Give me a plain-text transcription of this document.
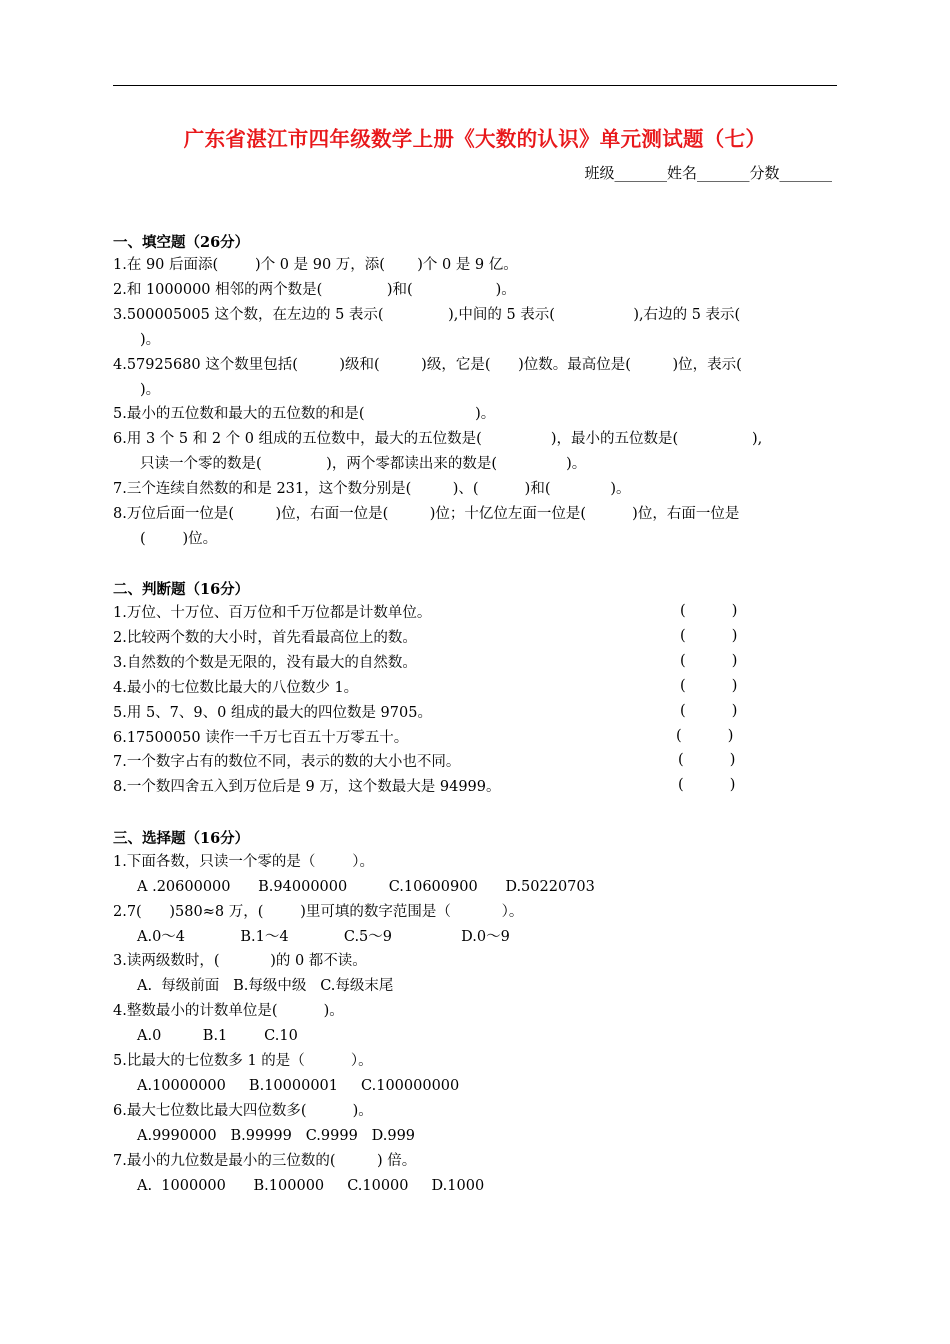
广东省湛江市四年级数学上册《大数的认识》单元测试题（七）
班级_______姓名_______分数_______
一、填空题（26分）
1.在 90 后面添(        )个 0 是 90 万，添(       )个 0 是 9 亿。
2.和 1000000 相邻的两个数是(              )和(                  )。
3.500005005 这个数，在左边的 5 表示(              ),中间的 5 表示(                 ),右边的 5 表示(
)。
4.57925680 这个数里包括(         )级和(         )级，它是(      )位数。最高位是(         )位，表示(
)。
5.最小的五位数和最大的五位数的和是(                        )。
6.用 3 个 5 和 2 个 0 组成的五位数中，最大的五位数是(               )，最小的五位数是(                ),
只读一个零的数是(              )，两个零都读出来的数是(               )。
7.三个连续自然数的和是 231，这个数分别是(         )、(          )和(             )。
8.万位后面一位是(         )位，右面一位是(         )位；十亿位左面一位是(          )位，右面一位是
(        )位。
二、判断题（16分）
1.万位、十万位、百万位和千万位都是计数单位。	(          )
2.比较两个数的大小时，首先看最高位上的数。	(          )
3.自然数的个数是无限的，没有最大的自然数。	(          )
4.最小的七位数比最大的八位数少 1。	(          )
5.用 5、7、9、0 组成的最大的四位数是 9705。	(          )
6.17500050 读作一千万七百五十万零五十。	(          )
7.一个数字占有的数位不同，表示的数的大小也不同。	(          )
8.一个数四舍五入到万位后是 9 万，这个数最大是 94999。	(          )
三、选择题（16分）
1.下面各数，只读一个零的是（        ）。
A .20600000      B.94000000         C.10600900      D.50220703
2.7(      )580≈8 万，(        )里可填的数字范围是（           ）。
A.0～4            B.1～4            C.5～9               D.0～9
3.读两级数时，(           )的 0 都不读。
A.  每级前面   B.每级中级   C.每级末尾
4.整数最小的计数单位是(          )。
A.0         B.1        C.10
5.比最大的七位数多 1 的是（          ）。
A.10000000     B.10000001     C.100000000
6.最大七位数比最大四位数多(          )。
A.9990000   B.99999   C.9999   D.999
7.最小的九位数是最小的三位数的(         ) 倍。
A.  1000000      B.100000     C.10000     D.1000
